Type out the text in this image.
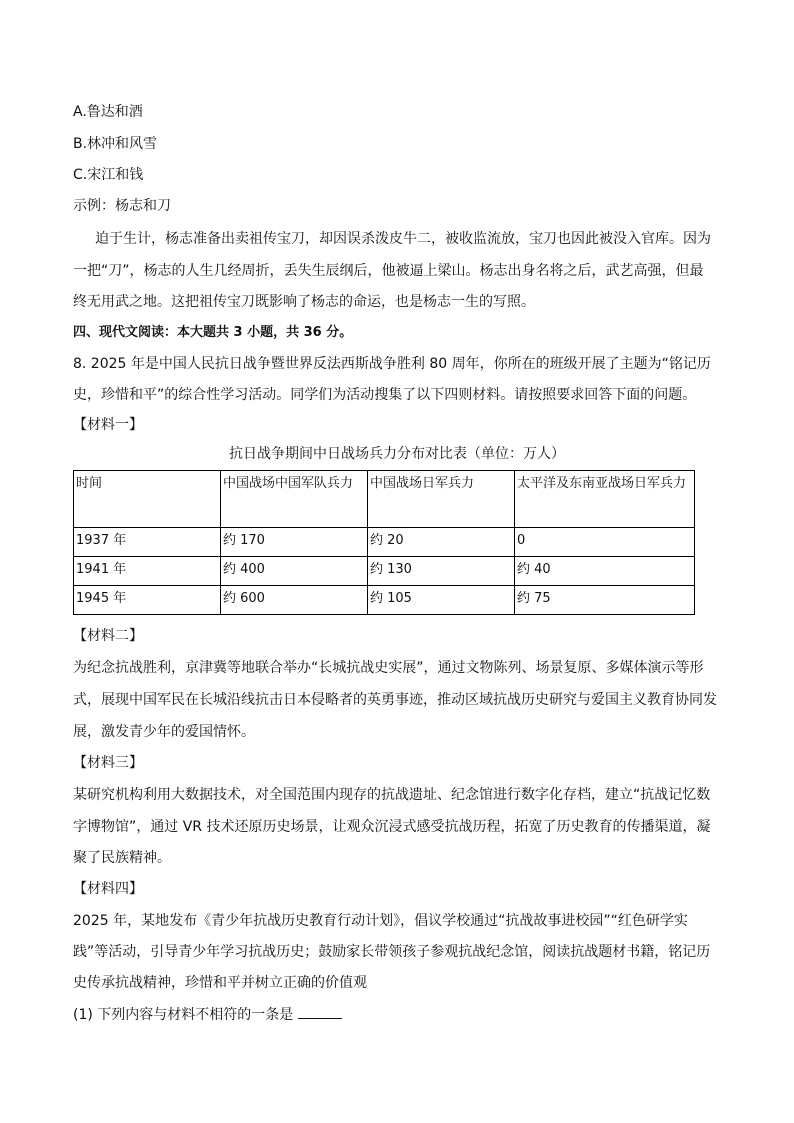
A.鲁达和酒
B.林冲和风雪
C.宋江和钱
示例：杨志和刀
迫于生计，杨志准备出卖祖传宝刀，却因误杀泼皮牛二，被收监流放，宝刀也因此被没入官库。因为
一把“刀”，杨志的人生几经周折，丢失生辰纲后，他被逼上梁山。杨志出身名将之后，武艺高强，但最
终无用武之地。这把祖传宝刀既影响了杨志的命运，也是杨志一生的写照。
四、现代文阅读：本大题共 3 小题，共 36 分。
8. 2025 年是中国人民抗日战争暨世界反法西斯战争胜利 80 周年，你所在的班级开展了主题为“铭记历
史，珍惜和平”的综合性学习活动。同学们为活动搜集了以下四则材料。请按照要求回答下面的问题。
【材料一】
抗日战争期间中日战场兵力分布对比表（单位：万人）
时间	中国战场中国军队兵力	中国战场日军兵力	太平洋及东南亚战场日军兵力
1937 年	约 170	约 20	0
1941 年	约 400	约 130	约 40
1945 年	约 600	约 105	约 75
【材料二】
为纪念抗战胜利，京津冀等地联合举办“长城抗战史实展”，通过文物陈列、场景复原、多媒体演示等形
式，展现中国军民在长城沿线抗击日本侵略者的英勇事迹，推动区域抗战历史研究与爱国主义教育协同发
展，激发青少年的爱国情怀。
【材料三】
某研究机构利用大数据技术，对全国范围内现存的抗战遗址、纪念馆进行数字化存档，建立“抗战记忆数
字博物馆”，通过 VR 技术还原历史场景，让观众沉浸式感受抗战历程，拓宽了历史教育的传播渠道，凝
聚了民族精神。
【材料四】
2025 年，某地发布《青少年抗战历史教育行动计划》，倡议学校通过“抗战故事进校园”“红色研学实
践”等活动，引导青少年学习抗战历史；鼓励家长带领孩子参观抗战纪念馆，阅读抗战题材书籍，铭记历
史传承抗战精神，珍惜和平并树立正确的价值观
(1) 下列内容与材料不相符的一条是
